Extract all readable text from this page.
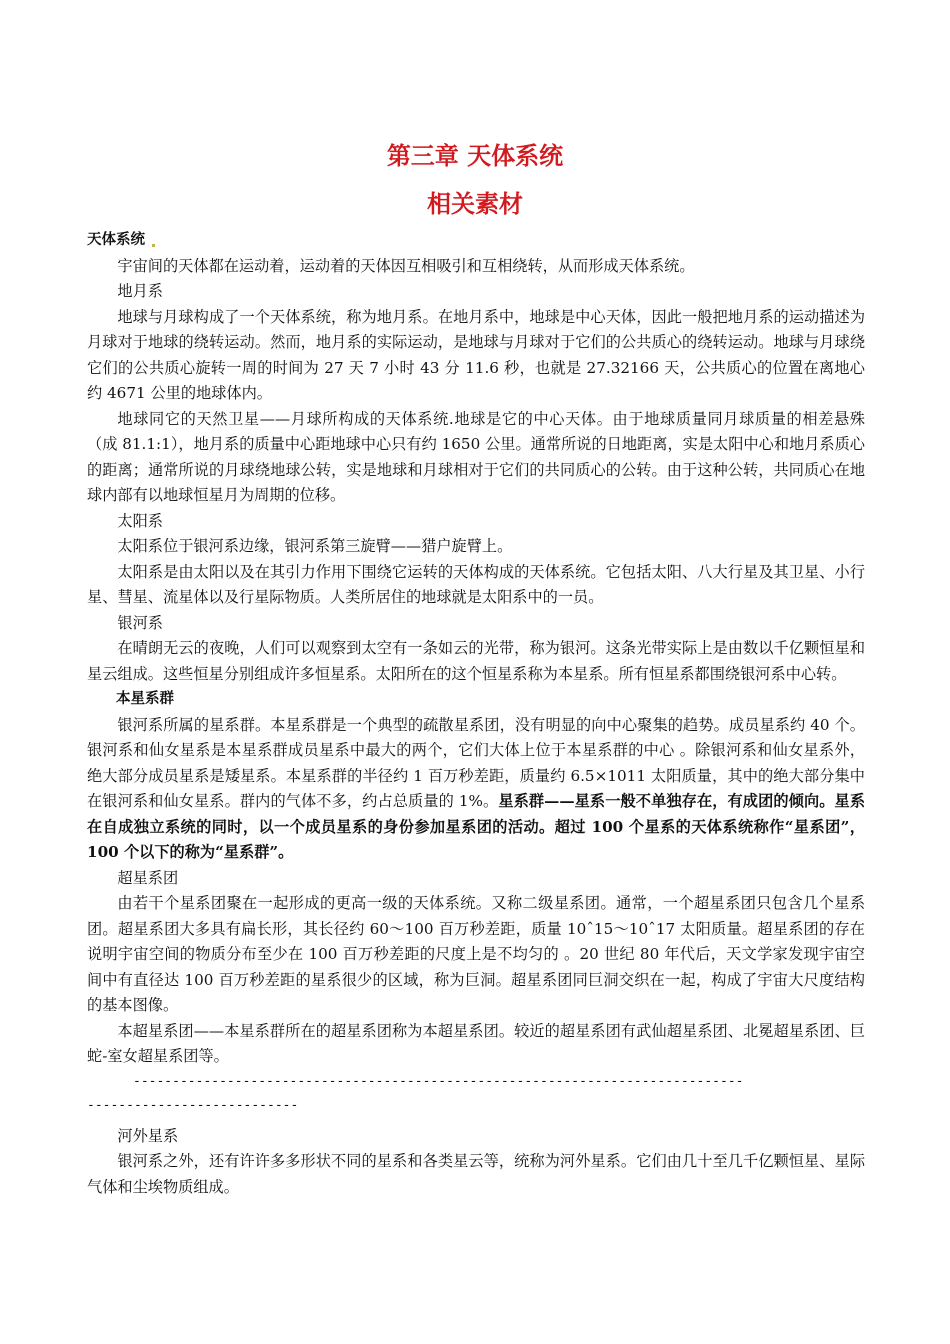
第三章 天体系统
相关素材

天体系统

宇宙间的天体都在运动着，运动着的天体因互相吸引和互相绕转，从而形成天体系统。

地月系

地球与月球构成了一个天体系统，称为地月系。在地月系中，地球是中心天体，因此一般把地月系的运动描述为月球对于地球的绕转运动。然而，地月系的实际运动，是地球与月球对于它们的公共质心的绕转运动。地球与月球绕它们的公共质心旋转一周的时间为 27 天 7 小时 43 分 11.6 秒，也就是 27.32166 天，公共质心的位置在离地心约 4671 公里的地球体内。

地球同它的天然卫星——月球所构成的天体系统.地球是它的中心天体。由于地球质量同月球质量的相差悬殊（成 81.1:1），地月系的质量中心距地球中心只有约 1650 公里。通常所说的日地距离，实是太阳中心和地月系质心的距离；通常所说的月球绕地球公转，实是地球和月球相对于它们的共同质心的公转。由于这种公转，共同质心在地球内部有以地球恒星月为周期的位移。

太阳系

太阳系位于银河系边缘，银河系第三旋臂——猎户旋臂上。

太阳系是由太阳以及在其引力作用下围绕它运转的天体构成的天体系统。它包括太阳、八大行星及其卫星、小行星、彗星、流星体以及行星际物质。人类所居住的地球就是太阳系中的一员。

银河系

在晴朗无云的夜晚，人们可以观察到太空有一条如云的光带，称为银河。这条光带实际上是由数以千亿颗恒星和星云组成。这些恒星分别组成许多恒星系。太阳所在的这个恒星系称为本星系。所有恒星系都围绕银河系中心转。

本星系群

银河系所属的星系群。本星系群是一个典型的疏散星系团，没有明显的向中心聚集的趋势。成员星系约 40 个。银河系和仙女星系是本星系群成员星系中最大的两个，它们大体上位于本星系群的中心 。除银河系和仙女星系外，绝大部分成员星系是矮星系。本星系群的半径约 1 百万秒差距，质量约 6.5×1011 太阳质量，其中的绝大部分集中在银河系和仙女星系。群内的气体不多，约占总质量的 1%。星系群——星系一般不单独存在，有成团的倾向。星系在自成独立系统的同时，以一个成员星系的身份参加星系团的活动。超过 100 个星系的天体系统称作“星系团”，100 个以下的称为“星系群”。

超星系团

由若干个星系团聚在一起形成的更高一级的天体系统。又称二级星系团。通常，一个超星系团只包含几个星系团。超星系团大多具有扁长形，其长径约 60～100 百万秒差距，质量 10ˆ15～10ˆ17 太阳质量。超星系团的存在说明宇宙空间的物质分布至少在 100 百万秒差距的尺度上是不均匀的 。20 世纪 80 年代后，天文学家发现宇宙空间中有直径达 100 百万秒差距的星系很少的区域，称为巨洞。超星系团同巨洞交织在一起，构成了宇宙大尺度结构的基本图像。

本超星系团——本星系群所在的超星系团称为本超星系团。较近的超星系团有武仙超星系团、北冕超星系团、巨蛇-室女超星系团等。

------------------------------------------------------------------------------

---------------------------

河外星系

银河系之外，还有许许多多形状不同的星系和各类星云等，统称为河外星系。它们由几十至几千亿颗恒星、星际气体和尘埃物质组成。
